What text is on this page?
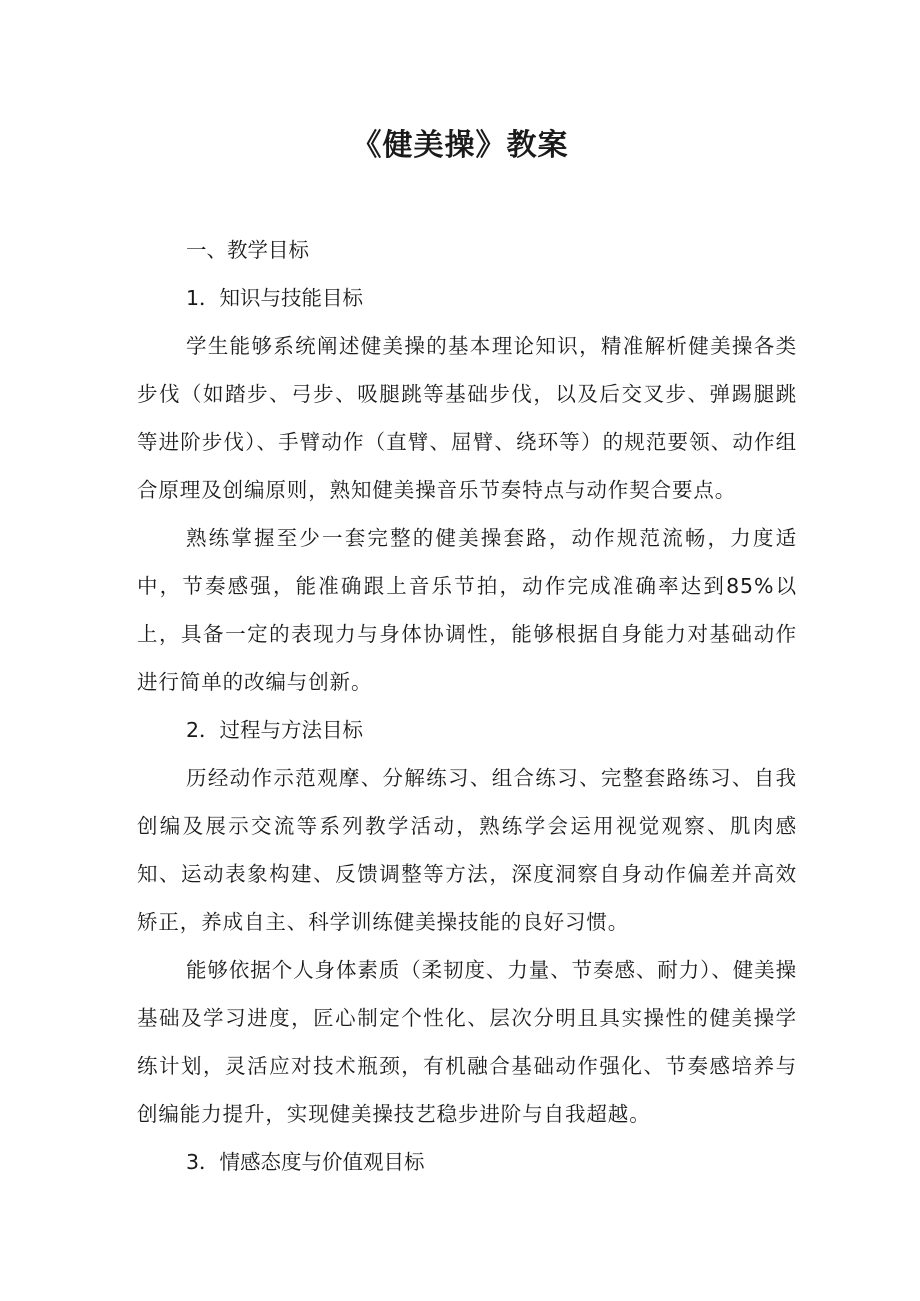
《健美操》教案

一、教学目标

1．知识与技能目标

学生能够系统阐述健美操的基本理论知识，精准解析健美操各类步伐（如踏步、弓步、吸腿跳等基础步伐，以及后交叉步、弹踢腿跳等进阶步伐）、手臂动作（直臂、屈臂、绕环等）的规范要领、动作组合原理及创编原则，熟知健美操音乐节奏特点与动作契合要点。

熟练掌握至少一套完整的健美操套路，动作规范流畅，力度适中，节奏感强，能准确跟上音乐节拍，动作完成准确率达到85%以上，具备一定的表现力与身体协调性，能够根据自身能力对基础动作进行简单的改编与创新。

2．过程与方法目标

历经动作示范观摩、分解练习、组合练习、完整套路练习、自我创编及展示交流等系列教学活动，熟练学会运用视觉观察、肌肉感知、运动表象构建、反馈调整等方法，深度洞察自身动作偏差并高效矫正，养成自主、科学训练健美操技能的良好习惯。

能够依据个人身体素质（柔韧度、力量、节奏感、耐力）、健美操基础及学习进度，匠心制定个性化、层次分明且具实操性的健美操学练计划，灵活应对技术瓶颈，有机融合基础动作强化、节奏感培养与创编能力提升，实现健美操技艺稳步进阶与自我超越。

3．情感态度与价值观目标
